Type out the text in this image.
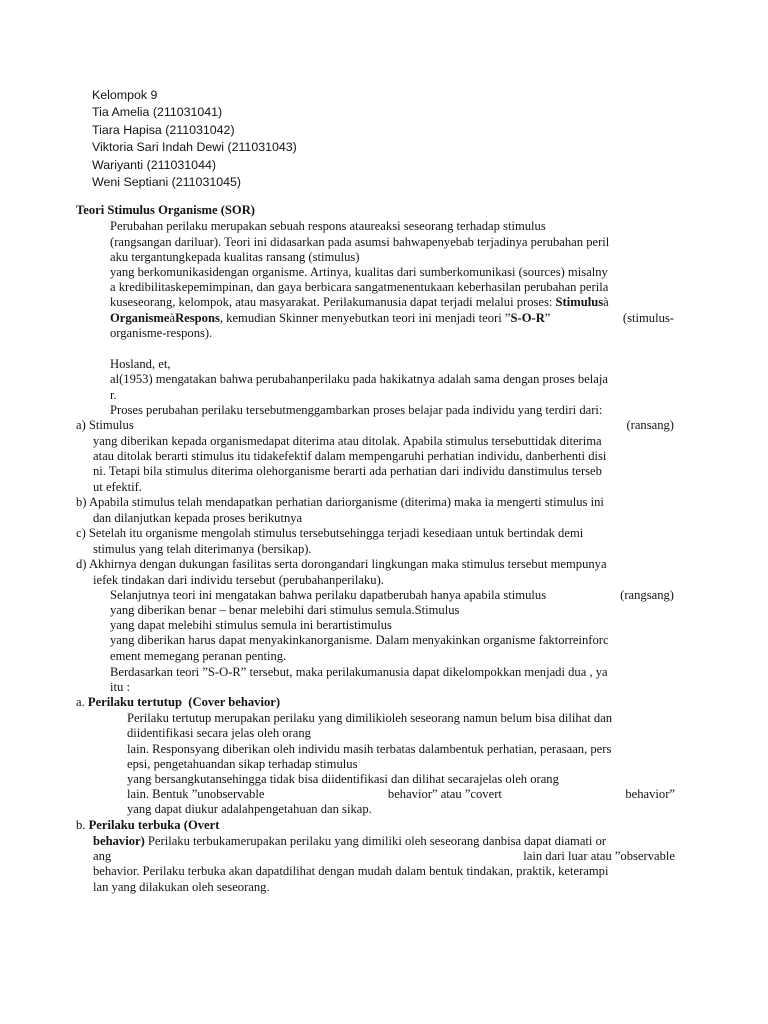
Kelompok 9
Tia Amelia (211031041)
Tiara Hapisa (211031042)
Viktoria Sari Indah Dewi (211031043)
Wariyanti (211031044)
Weni Septiani (211031045)
Teori Stimulus Organisme (SOR)
Perubahan perilaku merupakan sebuah respons ataureaksi seseorang terhadap stimulus
(rangsangan dariluar). Teori ini didasarkan pada asumsi bahwapenyebab terjadinya perubahan peril
aku tergantungkepada kualitas ransang (stimulus)
yang berkomunikasidengan organisme. Artinya, kualitas dari sumberkomunikasi (sources) misalny
a kredibilitaskepemimpinan, dan gaya berbicara sangatmenentukaan keberhasilan perubahan perila
kuseseorang, kelompok, atau masyarakat. Perilakumanusia dapat terjadi melalui proses: Stimulusà
OrganismeàRespons, kemudian Skinner menyebutkan teori ini menjadi teori ”S-O-R”	(stimulus-
organisme-respons).
Hosland, et,
al(1953) mengatakan bahwa perubahanperilaku pada hakikatnya adalah sama dengan proses belaja
r.
Proses perubahan perilaku tersebutmenggambarkan proses belajar pada individu yang terdiri dari:
a) Stimulus	(ransang)
yang diberikan kepada organismedapat diterima atau ditolak. Apabila stimulus tersebuttidak diterima
atau ditolak berarti stimulus itu tidakefektif dalam mempengaruhi perhatian individu, danberhenti disi
ni. Tetapi bila stimulus diterima olehorganisme berarti ada perhatian dari individu danstimulus terseb
ut efektif.
b) Apabila stimulus telah mendapatkan perhatian dariorganisme (diterima) maka ia mengerti stimulus ini
dan dilanjutkan kepada proses berikutnya
c) Setelah itu organisme mengolah stimulus tersebutsehingga terjadi kesediaan untuk bertindak demi
stimulus yang telah diterimanya (bersikap).
d) Akhirnya dengan dukungan fasilitas serta dorongandari lingkungan maka stimulus tersebut mempunya
iefek tindakan dari individu tersebut (perubahanperilaku).
Selanjutnya teori ini mengatakan bahwa perilaku dapatberubah hanya apabila stimulus	(rangsang)
yang diberikan benar – benar melebihi dari stimulus semula.Stimulus
yang dapat melebihi stimulus semula ini berartistimulus
yang diberikan harus dapat menyakinkanorganisme. Dalam menyakinkan organisme faktorreinforc
ement memegang peranan penting.
Berdasarkan teori ”S-O-R” tersebut, maka perilakumanusia dapat dikelompokkan menjadi dua , ya
itu :
a. Perilaku tertutup (Cover behavior)
Perilaku tertutup merupakan perilaku yang dimilikioleh seseorang namun belum bisa dilihat dan
diidentifikasi secara jelas oleh orang
lain. Responsyang diberikan oleh individu masih terbatas dalambentuk perhatian, perasaan, pers
epsi, pengetahuandan sikap terhadap stimulus
yang bersangkutansehingga tidak bisa diidentifikasi dan dilihat secarajelas oleh orang
lain. Bentuk ”unobservable	behavior” atau ”covert	behavior”
yang dapat diukur adalahpengetahuan dan sikap.
b. Perilaku terbuka (Overt
behavior) Perilaku terbukamerupakan perilaku yang dimiliki oleh seseorang danbisa dapat diamati or
ang	lain dari luar atau ”observable
behavior. Perilaku terbuka akan dapatdilihat dengan mudah dalam bentuk tindakan, praktik, keterampi
lan yang dilakukan oleh seseorang.
